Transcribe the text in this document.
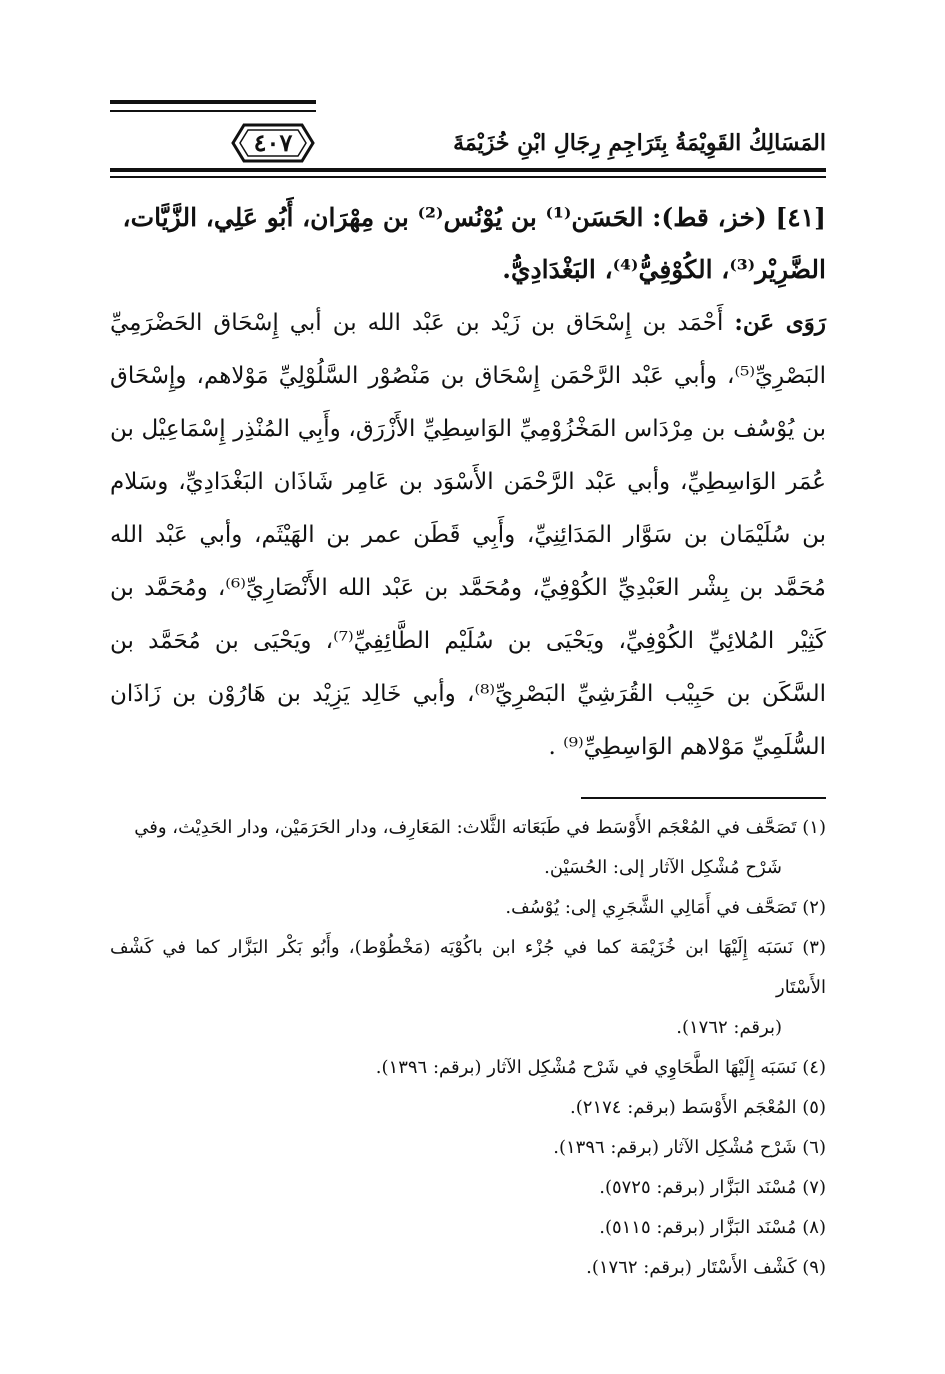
٤٠٧	المَسَالِكُ القَوِيْمَةُ بِتَرَاجِمِ رِجَالِ ابْنِ خُزَيْمَةَ

[٤١] (خز، قط): الحَسَن⁽¹⁾ بن يُوْنُس⁽²⁾ بن مِهْرَان، أَبُو عَلِي، الزَّيَّات،
الضَّرِيْر⁽³⁾، الكُوْفِيُّ⁽⁴⁾، البَغْدَادِيُّ.

رَوَى عَن: أَحْمَد بن إِسْحَاق بن زَيْد بن عَبْد الله بن أبي إِسْحَاق الحَضْرَمِيِّ البَصْرِيِّ⁽⁵⁾، وأبي عَبْد الرَّحْمَن إِسْحَاق بن مَنْصُوْر السَّلُوْلِيِّ مَوْلاهم، وإِسْحَاق بن يُوْسُف بن مِرْدَاس المَخْزُوْمِيِّ الوَاسِطِيِّ الأَزْرَق، وأَبِي المُنْذِر إِسْمَاعِيْل بن عُمَر الوَاسِطِيِّ، وأبي عَبْد الرَّحْمَن الأَسْوَد بن عَامِر شَاذَان البَغْدَادِيِّ، وسَلام بن سُلَيْمَان بن سَوَّار المَدَائِنِيِّ، وأَبِي قَطَن عمر بن الهَيْثَم، وأبي عَبْد الله مُحَمَّد بن بِشْر العَبْدِيِّ الكُوْفِيِّ، ومُحَمَّد بن عَبْد الله الأَنْصَارِيِّ⁽⁶⁾، ومُحَمَّد بن كَثِيْر المُلائِيِّ الكُوْفِيِّ، ويَحْيَى بن سُلَيْم الطَّائِفِيِّ⁽⁷⁾، ويَحْيَى بن مُحَمَّد بن السَّكَن بن حَبِيْب القُرَشِيِّ البَصْرِيِّ⁽⁸⁾، وأبي خَالِد يَزِيْد بن هَارُوْن بن زَاذَان السُّلَمِيِّ مَوْلاهم الوَاسِطِيِّ⁽⁹⁾ .

(١) تَصَحَّف في المُعْجَم الأَوْسَط في طَبَعَاته الثَّلاث: المَعَارِف، ودار الحَرَمَيْن، ودار الحَدِيْث، وفي
شَرْح مُشْكِل الآثار إلى: الحُسَيْن.
(٢) تَصَحَّف في أَمَالِي الشَّجَرِي إلى: يُوْسُف.
(٣) نَسَبَه إِلَيْهَا ابن خُزَيْمَة كما في جُزْء ابن باكُوْيَه (مَخْطُوْط)، وأَبُو بَكْر البَزَّار كما في كَشْف الأَسْتَار
(برقم: ١٧٦٢).
(٤) نَسَبَه إِلَيْهَا الطَّحَاوِي في شَرْح مُشْكِل الآثار (برقم: ١٣٩٦).
(٥) المُعْجَم الأَوْسَط (برقم: ٢١٧٤).
(٦) شَرْح مُشْكِل الآثار (برقم: ١٣٩٦).
(٧) مُسْنَد البَزَّار (برقم: ٥٧٢٥).
(٨) مُسْنَد البَزَّار (برقم: ٥١١٥).
(٩) كَشْف الأَسْتَار (برقم: ١٧٦٢).
